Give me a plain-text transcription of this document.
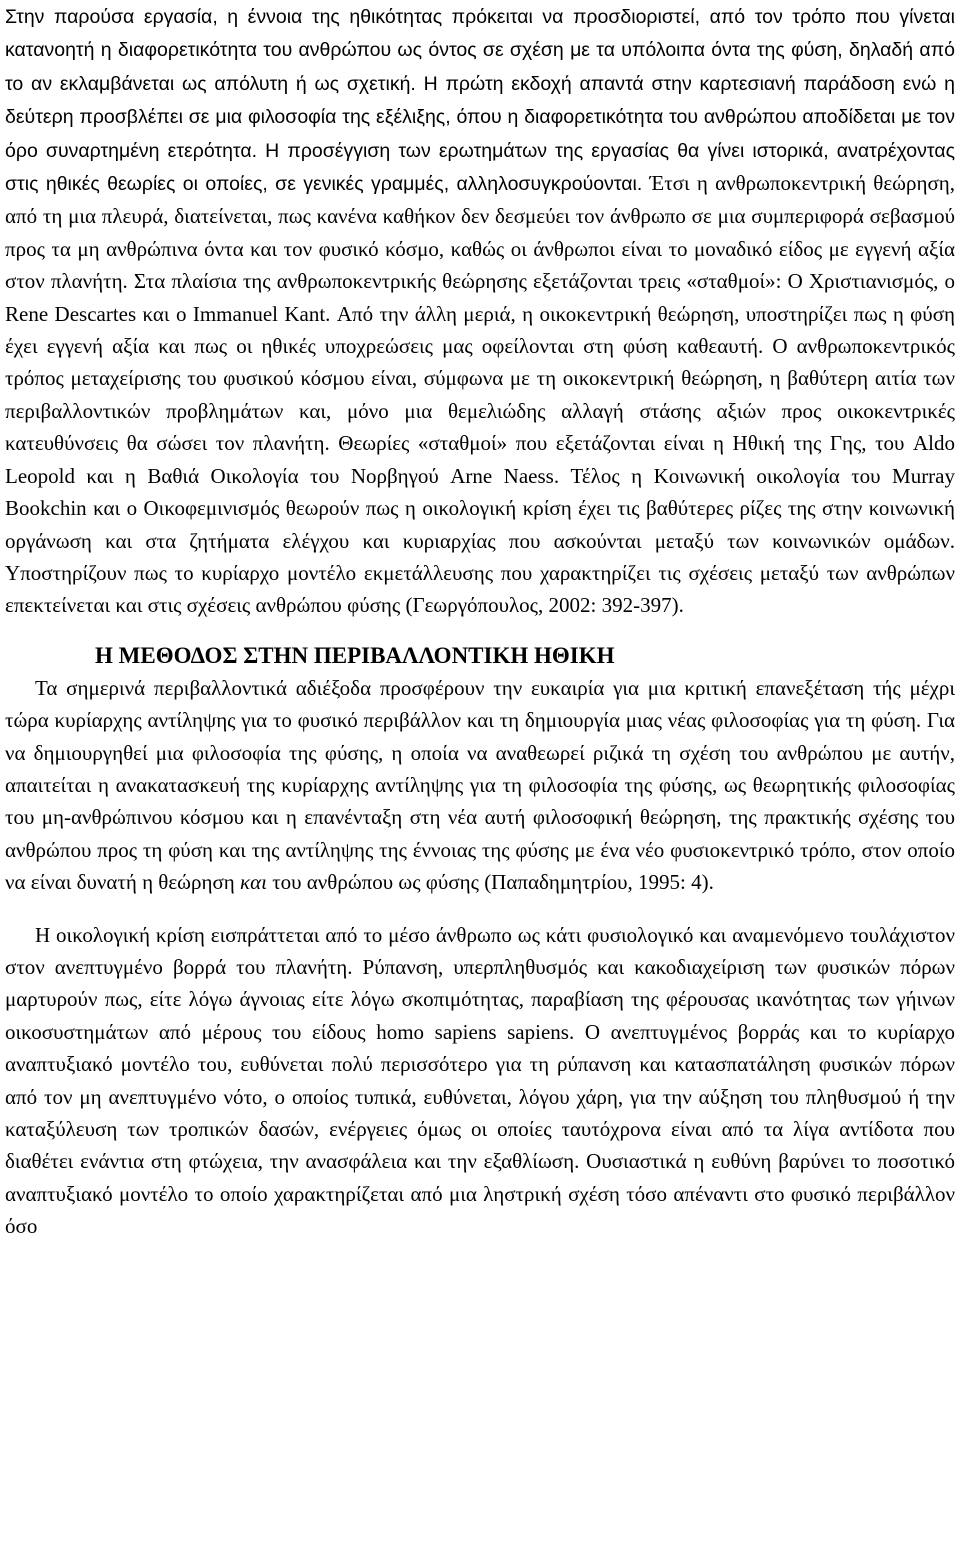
Στην παρούσα εργασία, η έννοια της ηθικότητας πρόκειται να προσδιοριστεί, από τον τρόπο που γίνεται κατανοητή η διαφορετικότητα του ανθρώπου ως όντος σε σχέση με τα υπόλοιπα όντα της φύση, δηλαδή από το αν εκλαμβάνεται ως απόλυτη ή ως σχετική. Η πρώτη εκδοχή απαντά στην καρτεσιανή παράδοση ενώ η δεύτερη προσβλέπει σε μια φιλοσοφία της εξέλιξης, όπου η διαφορετικότητα του ανθρώπου αποδίδεται με τον όρο συναρτημένη ετερότητα. Η προσέγγιση των ερωτημάτων της εργασίας θα γίνει ιστορικά, ανατρέχοντας στις ηθικές θεωρίες οι οποίες, σε γενικές γραμμές, αλληλοσυγκρούονται. Έτσι η ανθρωποκεντρική θεώρηση, από τη μια πλευρά, διατείνεται, πως κανένα καθήκον δεν δεσμεύει τον άνθρωπο σε μια συμπεριφορά σεβασμού προς τα μη ανθρώπινα όντα και τον φυσικό κόσμο, καθώς οι άνθρωποι είναι το μοναδικό είδος με εγγενή αξία στον πλανήτη. Στα πλαίσια της ανθρωποκεντρικής θεώρησης εξετάζονται τρεις «σταθμοί»: Ο Χριστιανισμός, ο Rene Descartes και ο Immanuel Kant. Από την άλλη μεριά, η οικοκεντρική θεώρηση, υποστηρίζει πως η φύση έχει εγγενή αξία και πως οι ηθικές υποχρεώσεις μας οφείλονται στη φύση καθεαυτή. Ο ανθρωποκεντρικός τρόπος μεταχείρισης του φυσικού κόσμου είναι, σύμφωνα με τη οικοκεντρική θεώρηση, η βαθύτερη αιτία των περιβαλλοντικών προβλημάτων και, μόνο μια θεμελιώδης αλλαγή στάσης αξιών προς οικοκεντρικές κατευθύνσεις θα σώσει τον πλανήτη. Θεωρίες «σταθμοί» που εξετάζονται είναι η Ηθική της Γης, του Aldo Leopold και η Βαθιά Οικολογία του Νορβηγού Arne Naess. Τέλος η Κοινωνική οικολογία του Murray Bookchin και ο Οικοφεμινισμός θεωρούν πως η οικολογική κρίση έχει τις βαθύτερες ρίζες της στην κοινωνική οργάνωση και στα ζητήματα ελέγχου και κυριαρχίας που ασκούνται μεταξύ των κοινωνικών ομάδων. Υποστηρίζουν πως το κυρίαρχο μοντέλο εκμετάλλευσης που χαρακτηρίζει τις σχέσεις μεταξύ των ανθρώπων επεκτείνεται και στις σχέσεις ανθρώπου φύσης (Γεωργόπουλος, 2002: 392-397).

Η ΜΕΘΟΔΟΣ ΣΤΗΝ ΠΕΡΙΒΑΛΛΟΝΤΙΚΗ ΗΘΙΚΗ

Τα σημερινά περιβαλλοντικά αδιέξοδα προσφέρουν την ευκαιρία για μια κριτική επανεξέταση τής μέχρι τώρα κυρίαρχης αντίληψης για το φυσικό περιβάλλον και τη δημιουργία μιας νέας φιλοσοφίας για τη φύση. Για να δημιουργηθεί μια φιλοσοφία της φύσης, η οποία να αναθεωρεί ριζικά τη σχέση του ανθρώπου με αυτήν, απαιτείται η ανακατασκευή της κυρίαρχης αντίληψης για τη φιλοσοφία της φύσης, ως θεωρητικής φιλοσοφίας του μη-ανθρώπινου κόσμου και η επανένταξη στη νέα αυτή φιλοσοφική θεώρηση, της πρακτικής σχέσης του ανθρώπου προς τη φύση και της αντίληψης της έννοιας της φύσης με ένα νέο φυσιοκεντρικό τρόπο, στον οποίο να είναι δυνατή η θεώρηση και του ανθρώπου ως φύσης (Παπαδημητρίου, 1995: 4).

Η οικολογική κρίση εισπράττεται από το μέσο άνθρωπο ως κάτι φυσιολογικό και αναμενόμενο τουλάχιστον στον ανεπτυγμένο βορρά του πλανήτη. Ρύπανση, υπερπληθυσμός και κακοδιαχείριση των φυσικών πόρων μαρτυρούν πως, είτε λόγω άγνοιας είτε λόγω σκοπιμότητας, παραβίαση της φέρουσας ικανότητας των γήινων οικοσυστημάτων από μέρους του είδους homo sapiens sapiens. Ο ανεπτυγμένος βορράς και το κυρίαρχο αναπτυξιακό μοντέλο του, ευθύνεται πολύ περισσότερο για τη ρύπανση και κατασπατάληση φυσικών πόρων από τον μη ανεπτυγμένο νότο, ο οποίος τυπικά, ευθύνεται, λόγου χάρη, για την αύξηση του πληθυσμού ή την καταξύλευση των τροπικών δασών, ενέργειες όμως οι οποίες ταυτόχρονα είναι από τα λίγα αντίδοτα που διαθέτει ενάντια στη φτώχεια, την ανασφάλεια και την εξαθλίωση. Ουσιαστικά η ευθύνη βαρύνει το ποσοτικό αναπτυξιακό μοντέλο το οποίο χαρακτηρίζεται από μια ληστρική σχέση τόσο απέναντι στο φυσικό περιβάλλον όσο
